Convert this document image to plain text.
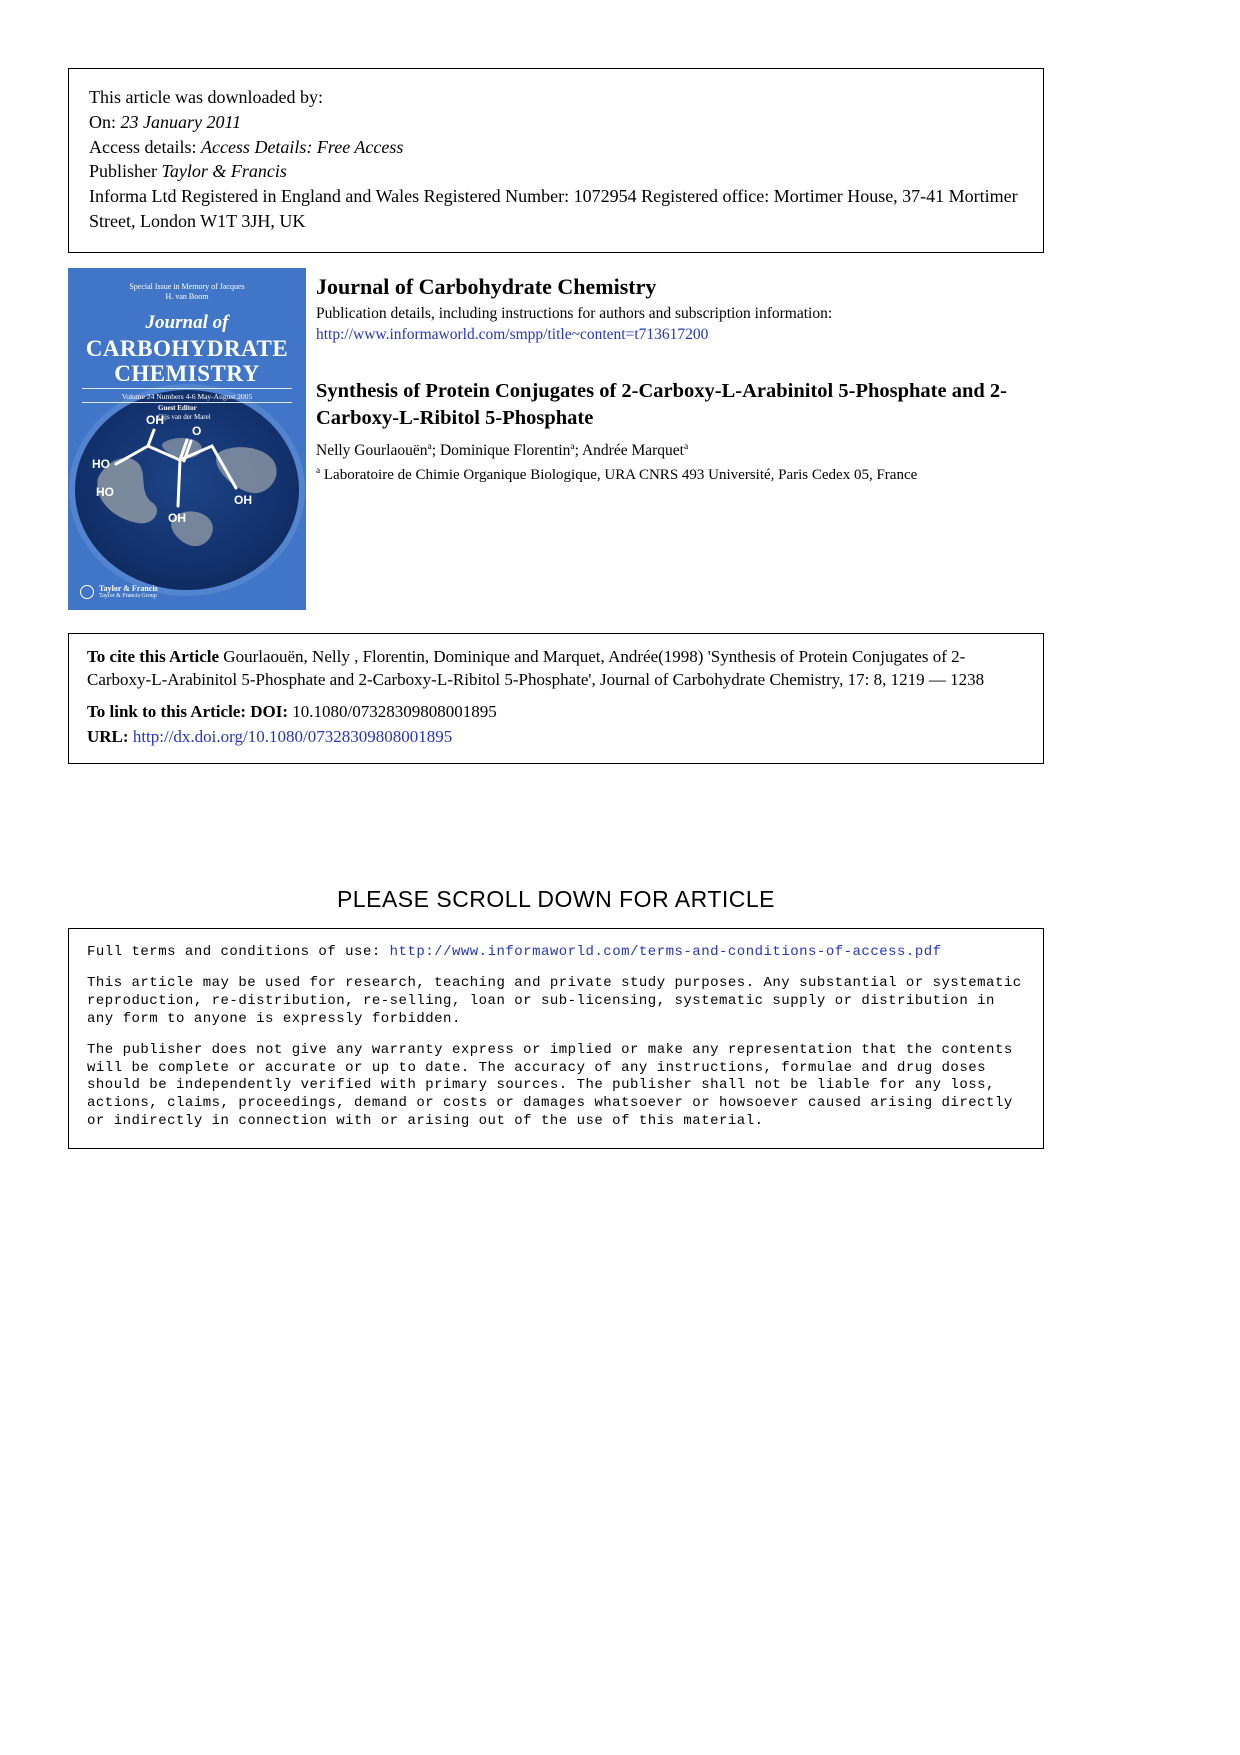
This article was downloaded by:
On: 23 January 2011
Access details: Access Details: Free Access
Publisher Taylor & Francis
Informa Ltd Registered in England and Wales Registered Number: 1072954 Registered office: Mortimer House, 37-41 Mortimer Street, London W1T 3JH, UK
OH
O
HO
HO
OH
OH
Special Issue in Memory of Jacques H. van Boom
Journal of
CARBOHYDRATE
CHEMISTRY
Volume 24 Numbers 4-6 May-August 2005
Guest Editor
Gijs van der Marel
Taylor & Francis
Taylor & Francis Group
Journal of Carbohydrate Chemistry
Publication details, including instructions for authors and subscription information:
http://www.informaworld.com/smpp/title~content=t713617200
Synthesis of Protein Conjugates of 2-Carboxy-L-Arabinitol 5-Phosphate and 2-Carboxy-L-Ribitol 5-Phosphate
Nelly Gourlaouën$^a$; Dominique Florentin$^a$; Andrée Marquet$^a$
$^a$ Laboratoire de Chimie Organique Biologique, URA CNRS 493 Université, Paris Cedex 05, France
To cite this Article Gourlaouën, Nelly , Florentin, Dominique and Marquet, Andrée(1998) 'Synthesis of Protein Conjugates of 2-Carboxy-L-Arabinitol 5-Phosphate and 2-Carboxy-L-Ribitol 5-Phosphate', Journal of Carbohydrate Chemistry, 17: 8, 1219 — 1238
To link to this Article: DOI: 10.1080/07328309808001895
URL: http://dx.doi.org/10.1080/07328309808001895
PLEASE SCROLL DOWN FOR ARTICLE
Full terms and conditions of use: http://www.informaworld.com/terms-and-conditions-of-access.pdf
This article may be used for research, teaching and private study purposes. Any substantial or systematic reproduction, re-distribution, re-selling, loan or sub-licensing, systematic supply or distribution in any form to anyone is expressly forbidden.
The publisher does not give any warranty express or implied or make any representation that the contents will be complete or accurate or up to date. The accuracy of any instructions, formulae and drug doses should be independently verified with primary sources. The publisher shall not be liable for any loss, actions, claims, proceedings, demand or costs or damages whatsoever or howsoever caused arising directly or indirectly in connection with or arising out of the use of this material.
